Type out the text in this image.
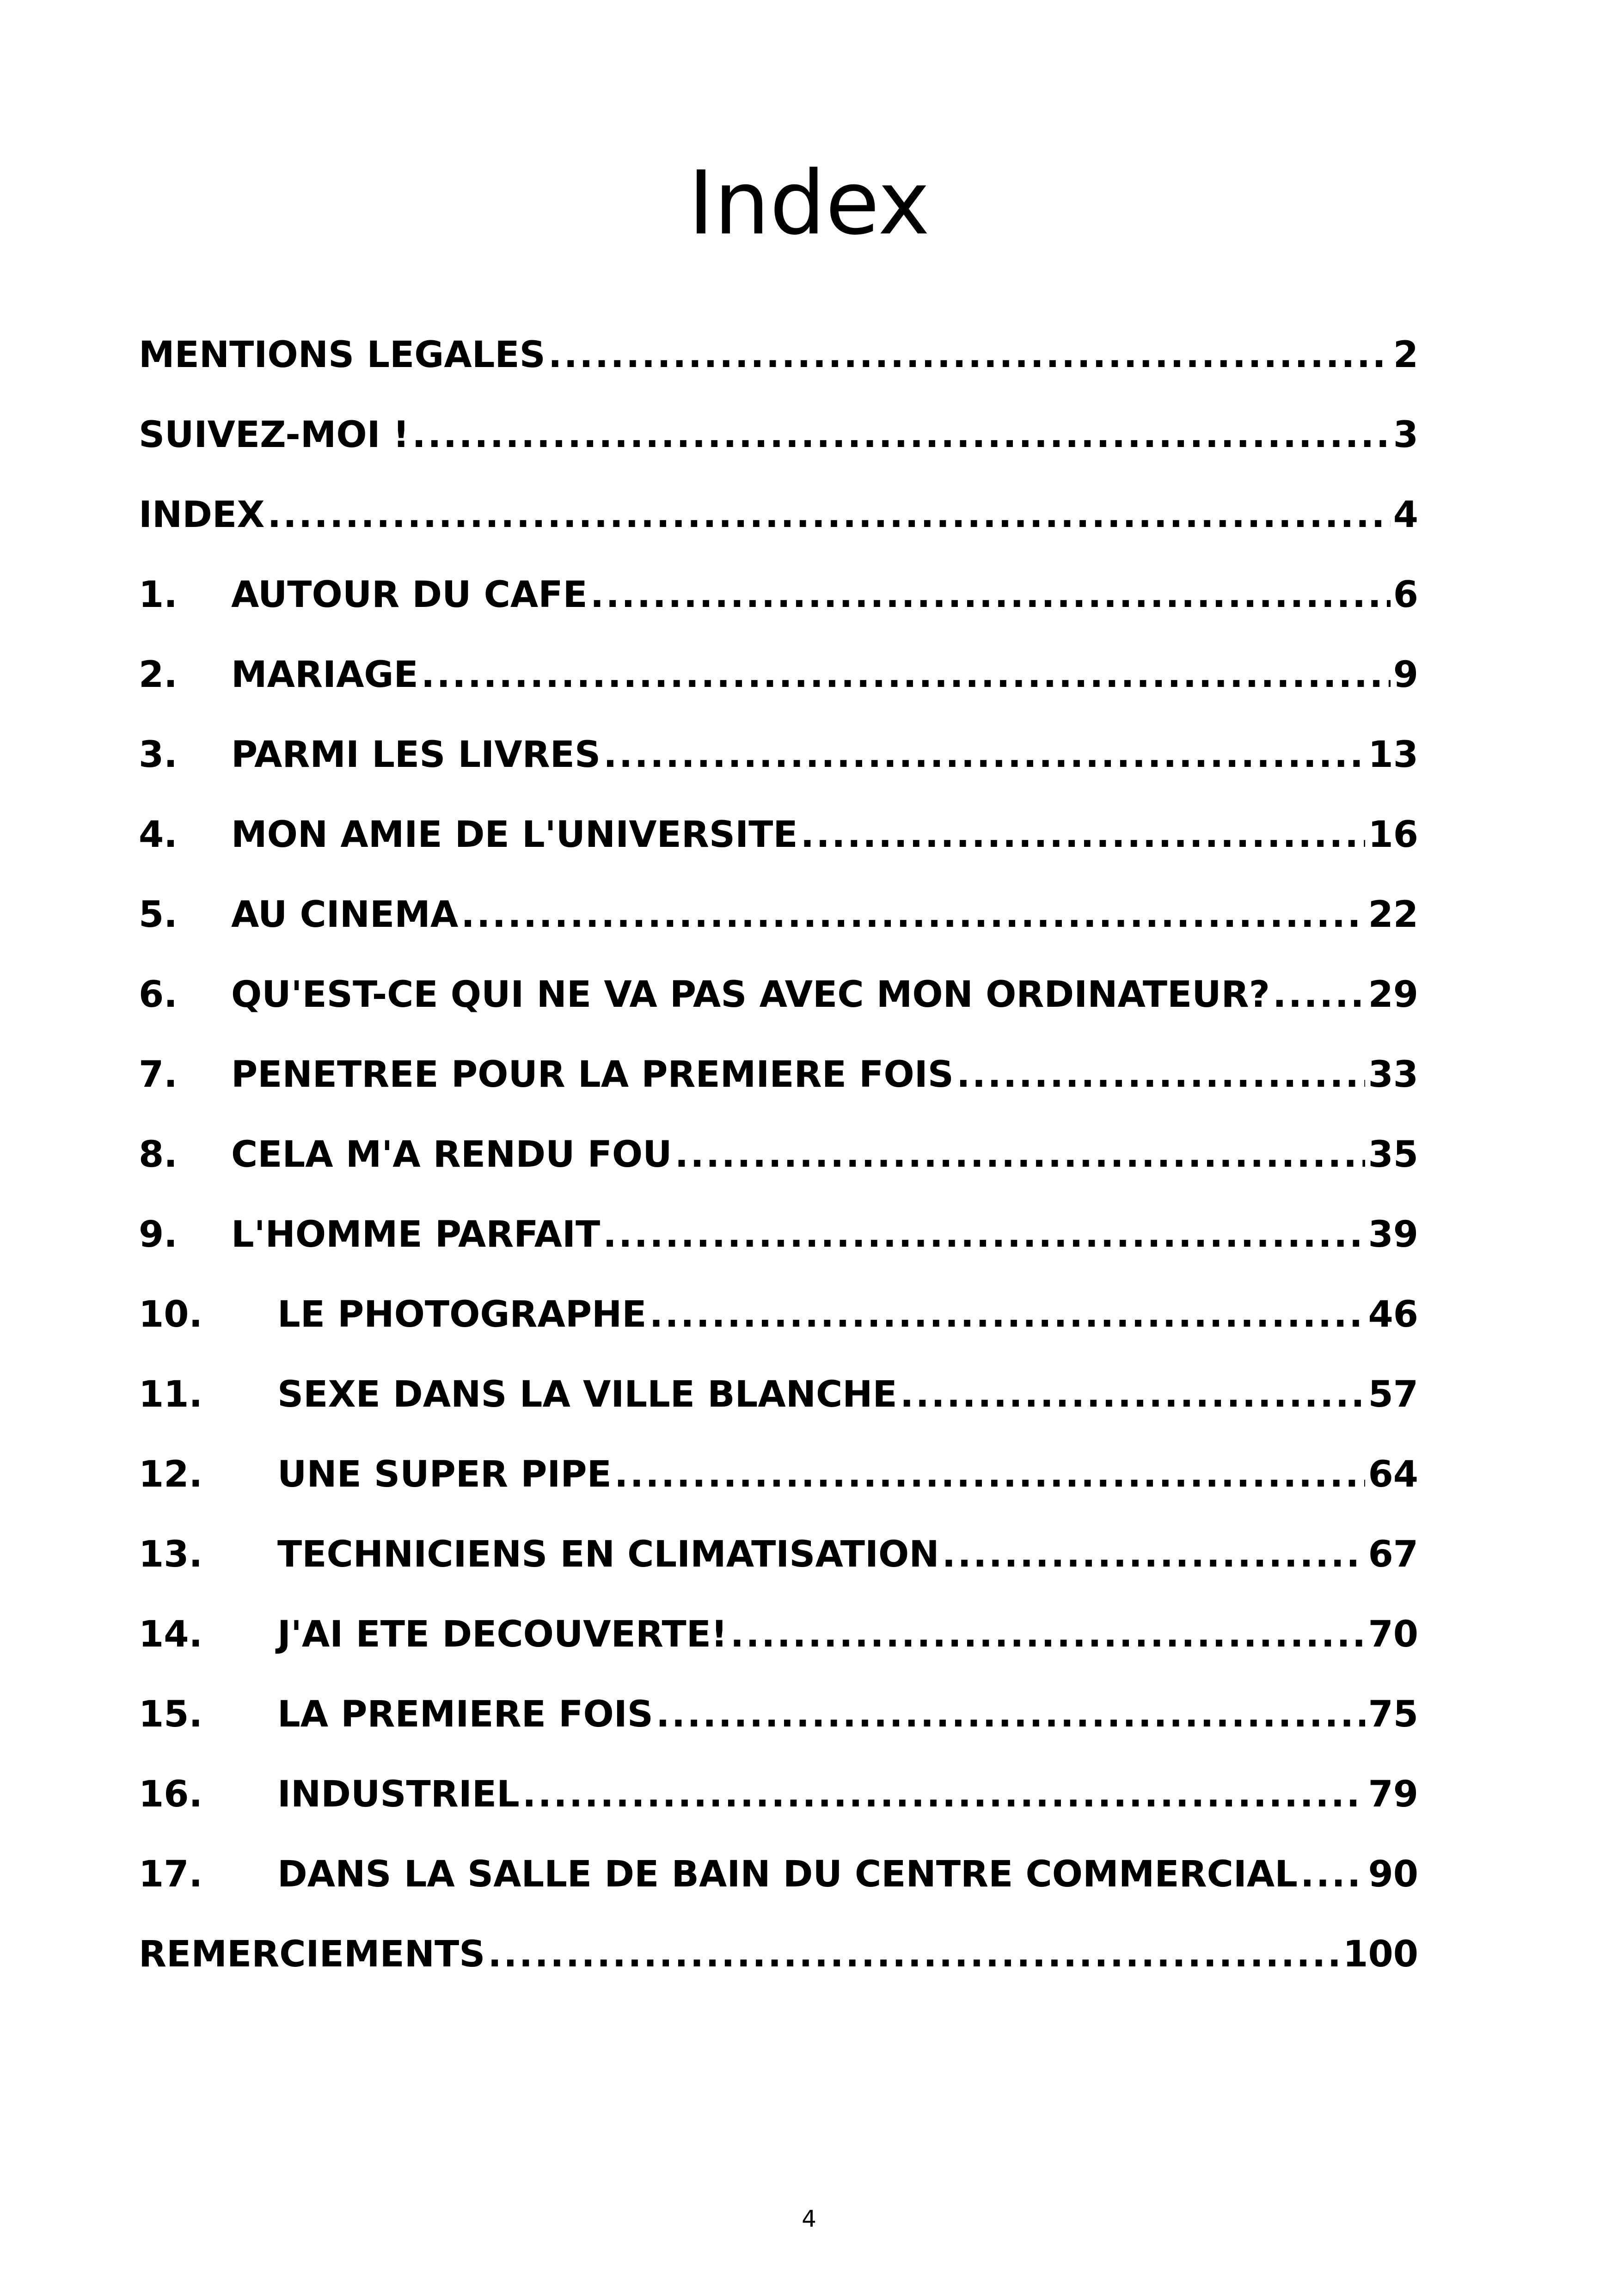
Index
MENTIONS LEGALES .....	2
SUIVEZ-MOI ! .....	3
INDEX .....	4
1.	AUTOUR DU CAFE .....	6
2.	MARIAGE .....	9
3.	PARMI LES LIVRES .....	13
4.	MON AMIE DE L'UNIVERSITE .....	16
5.	AU CINEMA .....	22
6.	QU'EST-CE QUI NE VA PAS AVEC MON ORDINATEUR? .....	29
7.	PENETREE POUR LA PREMIERE FOIS .....	33
8.	CELA M'A RENDU FOU .....	35
9.	L'HOMME PARFAIT .....	39
10.	LE PHOTOGRAPHE .....	46
11.	SEXE DANS LA VILLE BLANCHE .....	57
12.	UNE SUPER PIPE .....	64
13.	TECHNICIENS EN CLIMATISATION .....	67
14.	J'AI ETE DECOUVERTE! .....	70
15.	LA PREMIERE FOIS .....	75
16.	INDUSTRIEL .....	79
17.	DANS LA SALLE DE BAIN DU CENTRE COMMERCIAL ..... 90
REMERCIEMENTS .....	100
4
